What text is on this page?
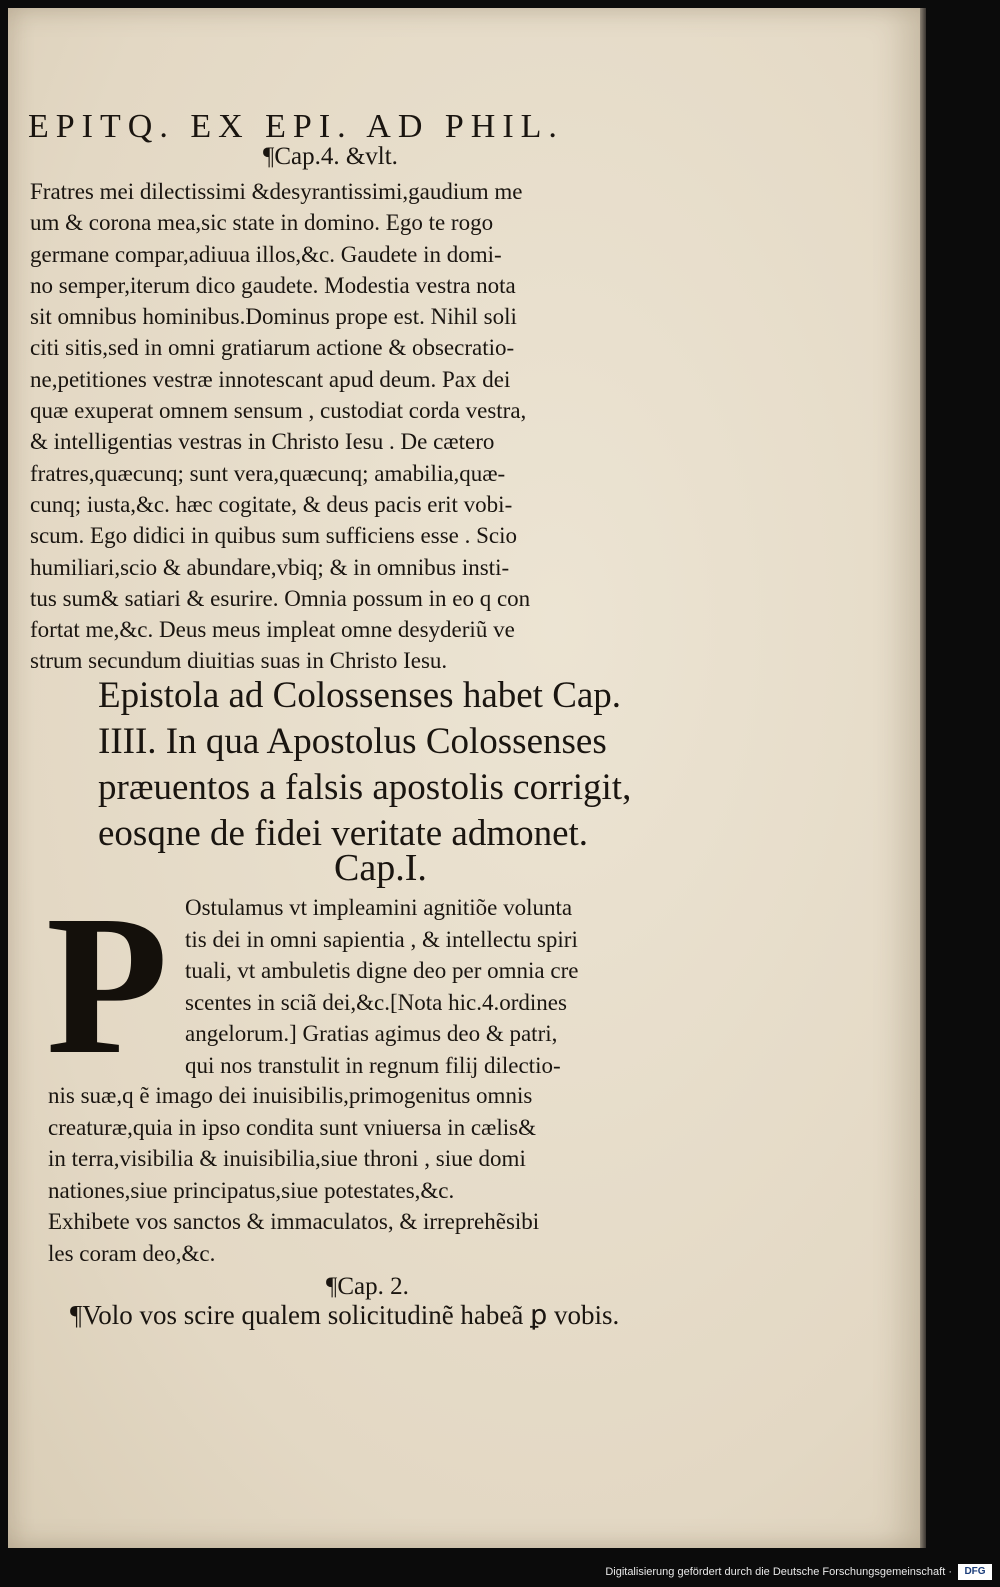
EPITQ. EX EPI. AD PHIL.
¶Cap.4. &vlt.
Fratres mei dilectissimi &desyrantissimi,gaudium me
um & corona mea,sic state in domino. Ego te rogo
germane compar,adiuua illos,&c. Gaudete in domi-
no semper,iterum dico gaudete. Modestia vestra nota
sit omnibus hominibus.Dominus prope est. Nihil soli
citi sitis,sed in omni gratiarum actione & obsecratio-
ne,petitiones vestræ innotescant apud deum. Pax dei
quæ exuperat omnem sensum , custodiat corda vestra,
& intelligentias vestras in Christo Iesu . De cætero
fratres,quæcunq; sunt vera,quæcunq; amabilia,quæ-
cunq; iusta,&c. hæc cogitate, & deus pacis erit vobi-
scum. Ego didici in quibus sum sufficiens esse . Scio
humiliari,scio & abundare,vbiq; & in omnibus insti-
tus sum& satiari & esurire. Omnia possum in eo q con
fortat me,&c. Deus meus impleat omne desyderiũ ve
strum secundum diuitias suas in Christo Iesu.
Epistola ad Colossenses habet Cap.
IIII. In qua Apostolus Colossenses
præuentos a falsis apostolis corrigit,
eosqne de fidei veritate admonet.
Cap.I.
P Ostulamus vt impleamini agnitiõe volunta
tis dei in omni sapientia , & intellectu spiri
tuali, vt ambuletis digne deo per omnia cre
scentes in sciã dei,&c.[Nota hic.4.ordines
angelorum.] Gratias agimus deo & patri,
qui nos transtulit in regnum filij dilectio-
nis suæ,q ẽ imago dei inuisibilis,primogenitus omnis
creaturæ,quia in ipso condita sunt vniuersa in cælis&
in terra,visibilia & inuisibilia,siue throni , siue domi
nationes,siue principatus,siue potestates,&c.
Exhibete vos sanctos & immaculatos, & irreprehẽsibi
les coram deo,&c.
¶Cap. 2.
¶Volo vos scire qualem solicitudinẽ habeã ꝑ vobis.
Digitalisierung gefördert durch die Deutsche Forschungsgemeinschaft ·	DFG
